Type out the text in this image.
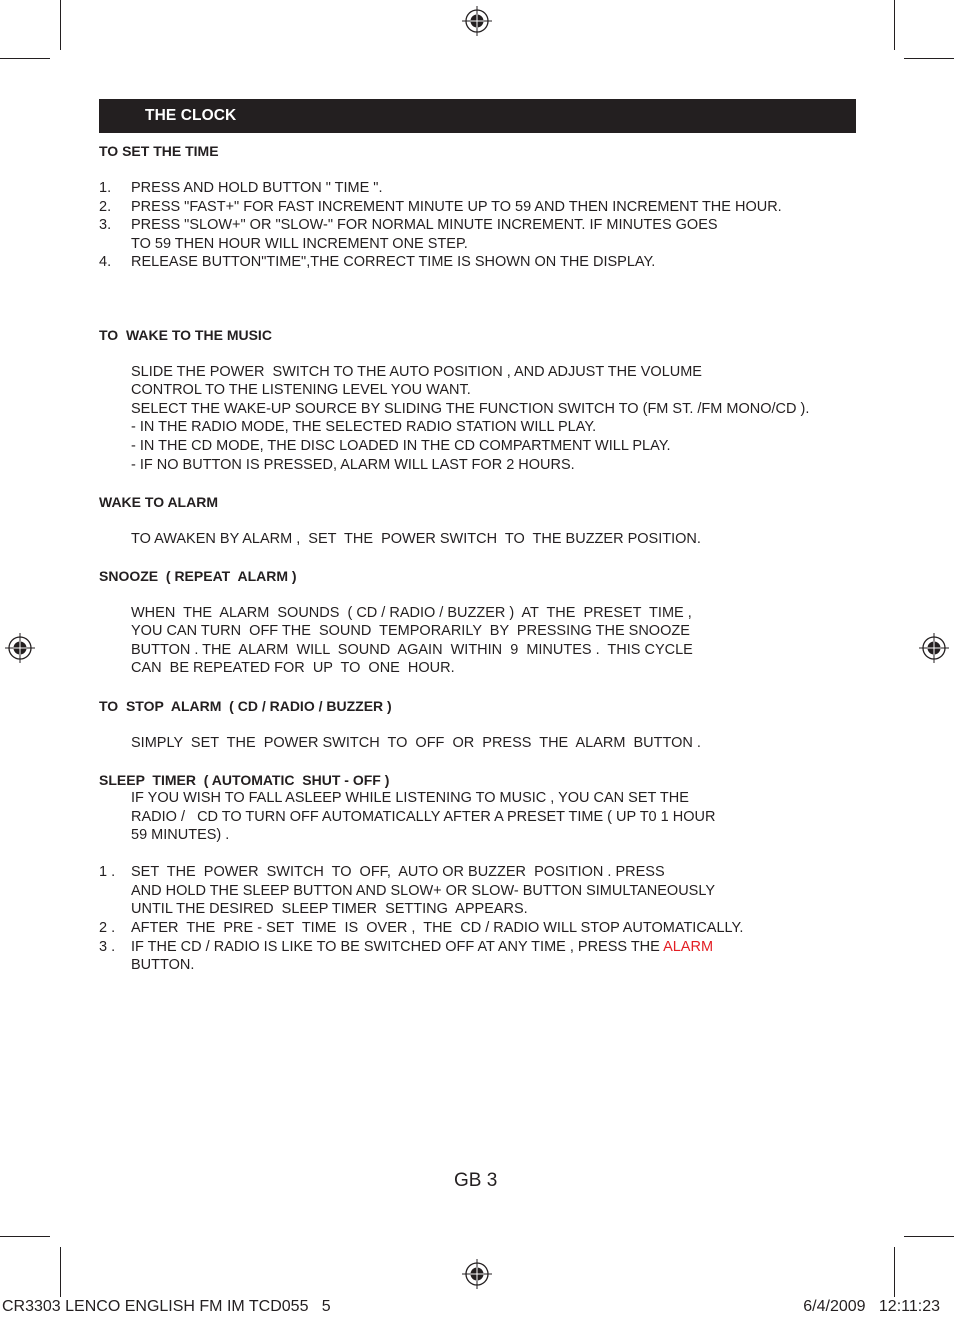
THE CLOCK
TO SET THE TIME
1. PRESS AND HOLD BUTTON " TIME ".
2. PRESS "FAST+" FOR FAST INCREMENT MINUTE UP TO 59 AND THEN INCREMENT THE HOUR.
3. PRESS "SLOW+" OR "SLOW-" FOR NORMAL MINUTE INCREMENT. IF MINUTES GOES
TO 59 THEN HOUR WILL INCREMENT ONE STEP.
4. RELEASE BUTTON"TIME",THE CORRECT TIME IS SHOWN ON THE DISPLAY.
TO  WAKE TO THE MUSIC
SLIDE THE POWER  SWITCH TO THE AUTO POSITION , AND ADJUST THE VOLUME
CONTROL TO THE LISTENING LEVEL YOU WANT.
SELECT THE WAKE-UP SOURCE BY SLIDING THE FUNCTION SWITCH TO (FM ST. /FM MONO/CD ).
- IN THE RADIO MODE, THE SELECTED RADIO STATION WILL PLAY.
- IN THE CD MODE, THE DISC LOADED IN THE CD COMPARTMENT WILL PLAY.
- IF NO BUTTON IS PRESSED, ALARM WILL LAST FOR 2 HOURS.
WAKE TO ALARM
TO AWAKEN BY ALARM ,  SET  THE  POWER SWITCH  TO  THE BUZZER POSITION.
SNOOZE  ( REPEAT  ALARM )
WHEN  THE  ALARM  SOUNDS  ( CD / RADIO / BUZZER )  AT  THE  PRESET  TIME ,
YOU CAN TURN  OFF THE  SOUND  TEMPORARILY  BY  PRESSING THE SNOOZE
BUTTON . THE  ALARM  WILL  SOUND  AGAIN  WITHIN  9  MINUTES .  THIS CYCLE
CAN  BE REPEATED FOR  UP  TO  ONE  HOUR.
TO  STOP  ALARM  ( CD / RADIO / BUZZER )
SIMPLY  SET  THE  POWER SWITCH  TO  OFF  OR  PRESS  THE  ALARM  BUTTON .
SLEEP  TIMER  ( AUTOMATIC  SHUT - OFF )
IF YOU WISH TO FALL ASLEEP WHILE LISTENING TO MUSIC , YOU CAN SET THE
RADIO /   CD TO TURN OFF AUTOMATICALLY AFTER A PRESET TIME ( UP T0 1 HOUR
59 MINUTES) .
1 . SET  THE  POWER  SWITCH  TO  OFF,  AUTO OR BUZZER  POSITION . PRESS
AND HOLD THE SLEEP BUTTON AND SLOW+ OR SLOW- BUTTON SIMULTANEOUSLY
UNTIL THE DESIRED  SLEEP TIMER  SETTING  APPEARS.
2 . AFTER  THE  PRE - SET  TIME  IS  OVER ,  THE  CD / RADIO WILL STOP AUTOMATICALLY.
3 . IF THE CD / RADIO IS LIKE TO BE SWITCHED OFF AT ANY TIME , PRESS THE ALARM
BUTTON.
GB 3
CR3303 LENCO ENGLISH FM IM TCD055   5	6/4/2009   12:11:23
